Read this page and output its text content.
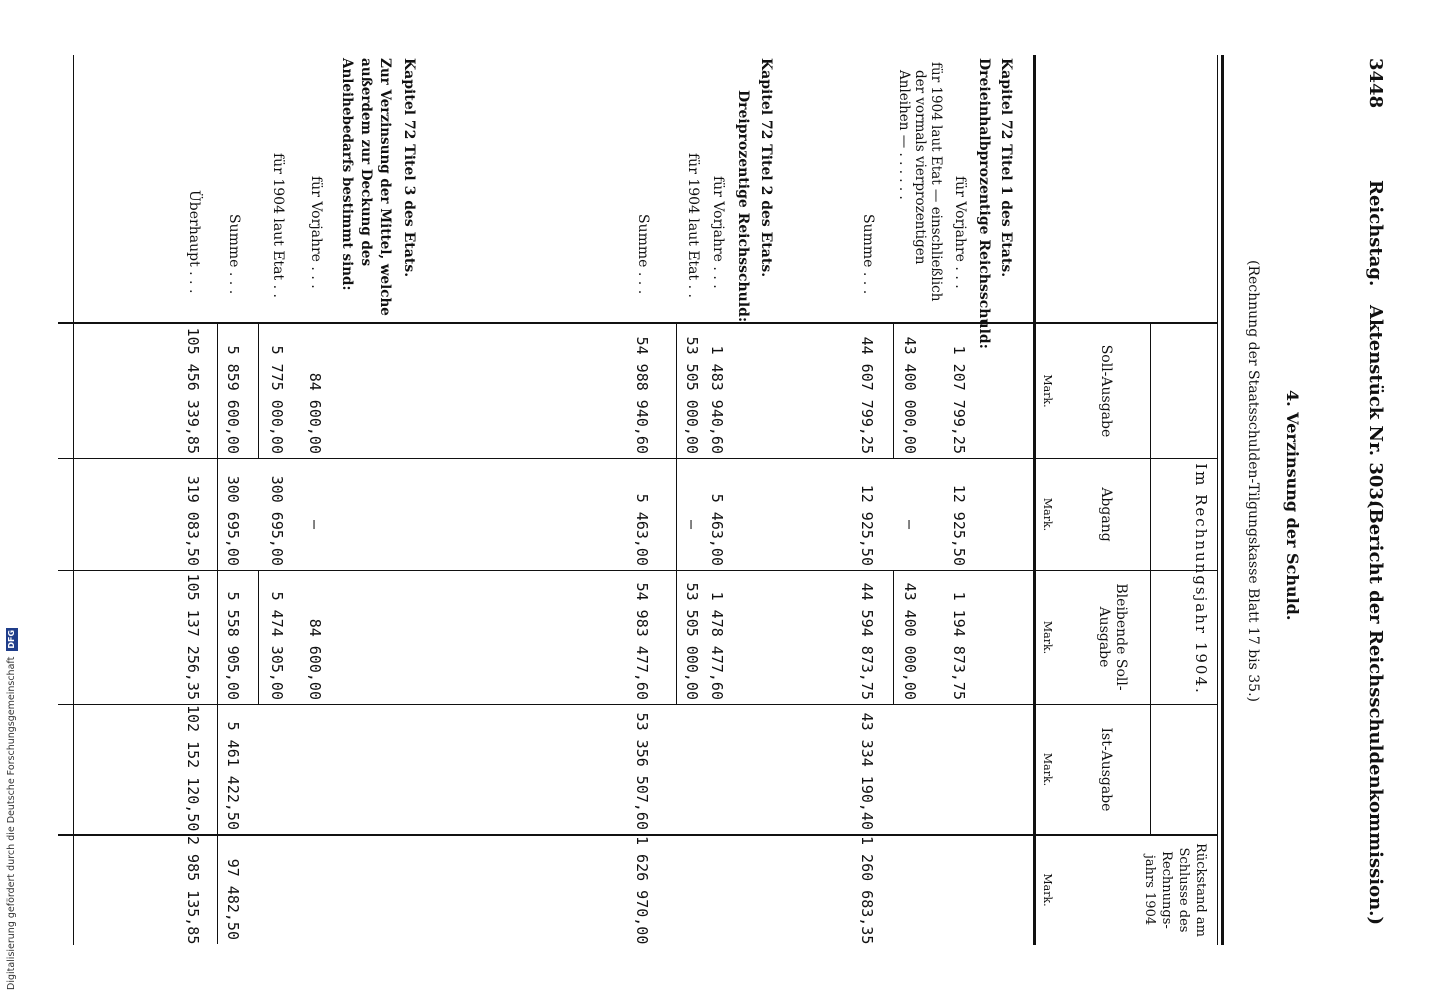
Digitalisierung gefördert durch die Deutsche Forschungsgemeinschaft DFG
3448
Reichstag.
Aktenstück Nr. 303.
(Bericht der Reichsschuldenkommission.)
4. Verzinsung der Schuld.
(Rechnung der Staatsschulden-Tilgungskasse Blatt 17 bis 35.)
Im Rechnungsjahr 1904.
Soll-Ausgabe
Abgang
Bleibende Soll-Ausgabe
Ist-Ausgabe
Rückstand am Schlusse des Rechnungs-jahrs 1904
Mark.
Mark.
Mark.
Mark.
Mark.
Kapitel 72 Titel 1 des Etats.
Dreieinhalbprozentige Reichsschuld:
für Vorjahre . . .
1 207 799,25
12 925,50
1 194 873,75
für 1904 laut Etat — einschließlich der vormals vierprozentigen Anleihen — . . . . . .
43 400 000,00
—
43 400 000,00
Summe . . .
44 607 799,25
12 925,50
44 594 873,75
43 334 190,40
1 260 683,35
Kapitel 72 Titel 2 des Etats.
Dreiprozentige Reichsschuld:
für Vorjahre . . .
1 483 940,60
5 463,00
1 478 477,60
für 1904 laut Etat . .
53 505 000,00
—
53 505 000,00
Summe . . .
54 988 940,60
5 463,00
54 983 477,60
53 356 507,60
1 626 970,00
Kapitel 72 Titel 3 des Etats.
Zur Verzinsung der Mittel, welche außerdem zur Deckung des Anleihebedarfs bestimmt sind:
für Vorjahre . . .
84 600,00
—
84 600,00
für 1904 laut Etat . .
5 775 000,00
300 695,00
5 474 305,00
Summe . . .
5 859 600,00
300 695,00
5 558 905,00
5 461 422,50
97 482,50
Überhaupt . . .
105 456 339,85
319 083,50
105 137 256,35
102 152 120,50
2 985 135,85
